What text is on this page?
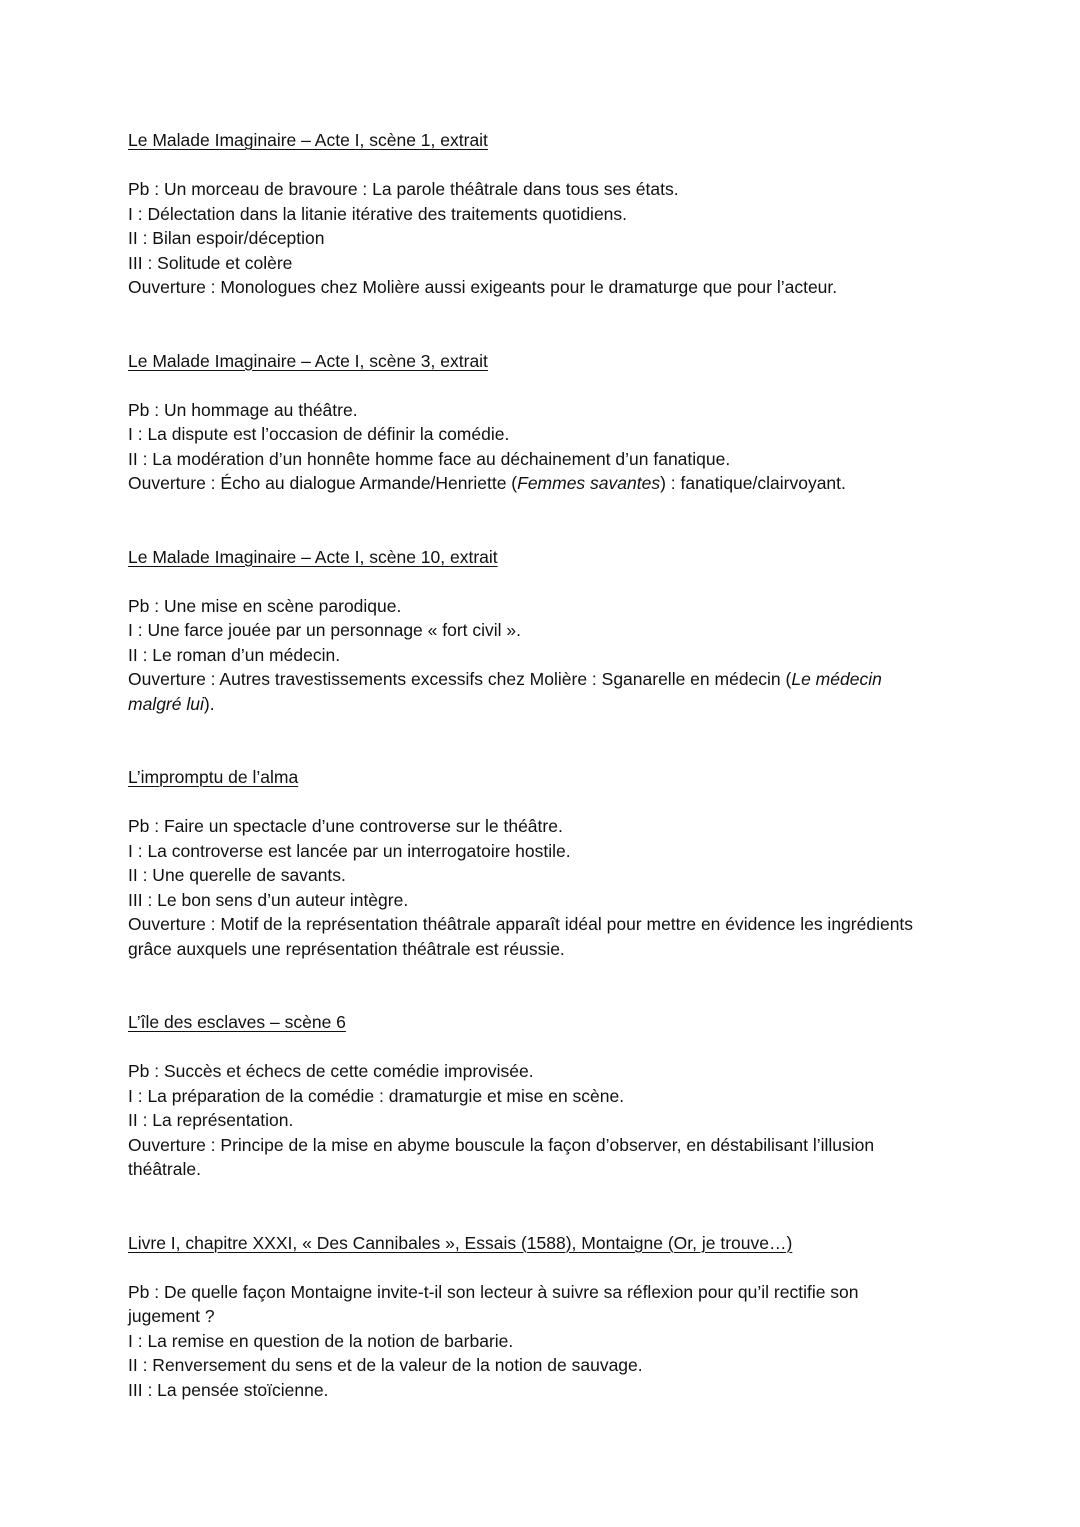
Le Malade Imaginaire – Acte I, scène 1, extrait

Pb : Un morceau de bravoure : La parole théâtrale dans tous ses états.

I : Délectation dans la litanie itérative des traitements quotidiens.

II : Bilan espoir/déception

III : Solitude et colère

Ouverture : Monologues chez Molière aussi exigeants pour le dramaturge que pour l’acteur.

Le Malade Imaginaire – Acte I, scène 3, extrait

Pb : Un hommage au théâtre.

I : La dispute est l’occasion de définir la comédie.

II : La modération d’un honnête homme face au déchainement d’un fanatique.

Ouverture : Écho au dialogue Armande/Henriette (Femmes savantes) : fanatique/clairvoyant.

Le Malade Imaginaire – Acte I, scène 10, extrait

Pb : Une mise en scène parodique.

I : Une farce jouée par un personnage « fort civil ».

II : Le roman d’un médecin.

Ouverture : Autres travestissements excessifs chez Molière : Sganarelle en médecin (Le médecin malgré lui).

L’impromptu de l’alma

Pb : Faire un spectacle d’une controverse sur le théâtre.

I : La controverse est lancée par un interrogatoire hostile.

II : Une querelle de savants.

III : Le bon sens d’un auteur intègre.

Ouverture : Motif de la représentation théâtrale apparaît idéal pour mettre en évidence les ingrédients grâce auxquels une représentation théâtrale est réussie.

L’île des esclaves – scène 6

Pb : Succès et échecs de cette comédie improvisée.

I : La préparation de la comédie : dramaturgie et mise en scène.

II : La représentation.

Ouverture : Principe de la mise en abyme bouscule la façon d’observer, en déstabilisant l’illusion théâtrale.

Livre I, chapitre XXXI, « Des Cannibales », Essais (1588), Montaigne (Or, je trouve…)

Pb : De quelle façon Montaigne invite-t-il son lecteur à suivre sa réflexion pour qu’il rectifie son jugement ?

I : La remise en question de la notion de barbarie.

II : Renversement du sens et de la valeur de la notion de sauvage.

III : La pensée stoïcienne.
